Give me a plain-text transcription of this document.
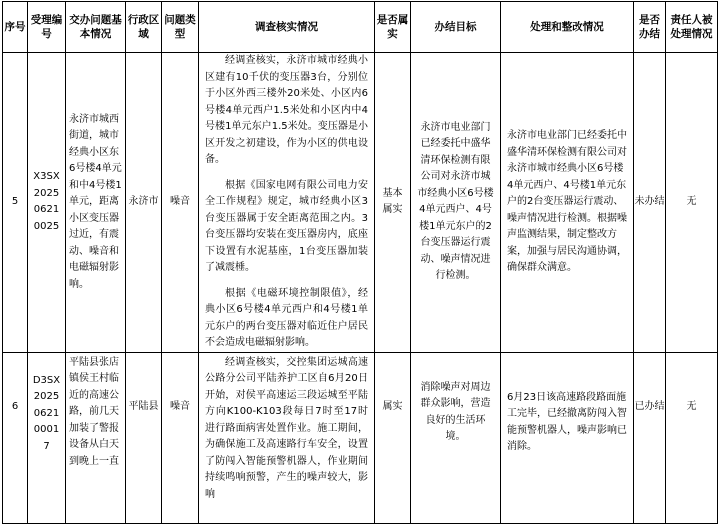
序号	受理编号	交办问题基本情况	行政区域	问题类型	调查核实情况	是否属实	办结目标	处理和整改情况	是否办结	责任人被处理情况
5	X3SX20250621 0025	永济市城西街道，城市经典小区东6号楼4单元和中4号楼1单元，距离小区变压器过近，有震动、噪音和电磁辐射影响。	永济市	噪音	经调查核实，永济市城市经典小区建有10千伏的变压器3台，分别位于小区外西三楼外20米处、小区内6号楼4单元西户1.5米处和小区内中4号楼1单元东户1.5米处。变压器是小区开发之初建设，作为小区的供电设备。

根据《国家电网有限公司电力安全工作规程》规定，城市经典小区3台变压器属于安全距离范围之内。3台变压器均安装在变压器房内，底座下设置有水泥基座，1台变压器加装了减震棰。

根据《电磁环境控制限值》，经典小区6号楼4单元西户和4号楼1单元东户的两台变压器对临近住户居民不会造成电磁辐射影响。	基本属实	永济市电业部门已经委托中盛华清环保检测有限公司对永济市城市经典小区6号楼4单元西户、4号楼1单元东户的2台变压器运行震动、噪声情况进行检测。	永济市电业部门已经委托中盛华清环保检测有限公司对永济市城市经典小区6号楼4单元西户、4号楼1单元东户的2台变压器运行震动、噪声情况进行检测。根据噪声监测结果，制定整改方案，加强与居民沟通协调，确保群众满意。	未办结	无
6	D3SX2025062100017	平陆县张店镇侯王村临近的高速公路，前几天加装了警报设备从白天到晚上一直	平陆县	噪音	经调查核实，交控集团运城高速公路分公司平陆养护工区自6月20日开始，对侯平高速运三段运城至平陆方向K100-K103段每日7时至17时进行路面病害处置作业。施工期间，为确保施工及高速路行车安全，设置了防闯入智能预警机器人，作业期间持续鸣响预警，产生的噪声较大，影响	属实	消除噪声对周边群众影响，营造良好的生活环境。	6月23日该高速路段路面施工完毕，已经撤离防闯入智能预警机器人，噪声影响已消除。	已办结	无
